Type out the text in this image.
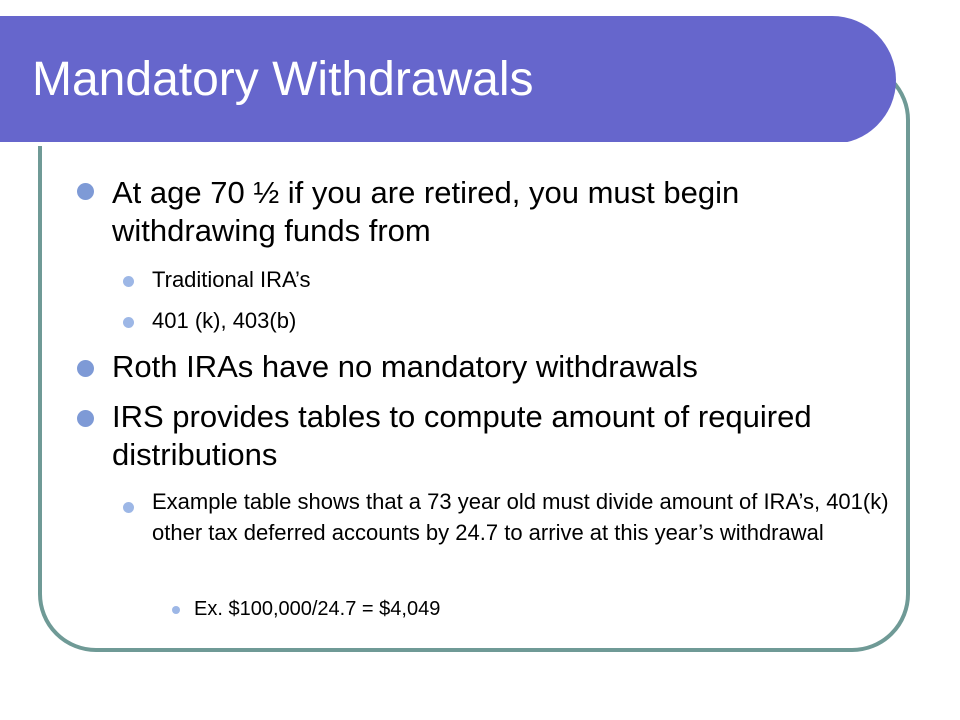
Mandatory Withdrawals
At age 70 ½ if you are retired, you must begin withdrawing funds from
Traditional IRA’s
401 (k), 403(b)
Roth IRAs have no mandatory withdrawals
IRS provides tables to compute amount of required distributions
Example table shows that a 73 year old must divide amount of IRA’s, 401(k) other tax deferred accounts by 24.7 to arrive at this year’s withdrawal
Ex. $100,000/24.7 = $4,049
